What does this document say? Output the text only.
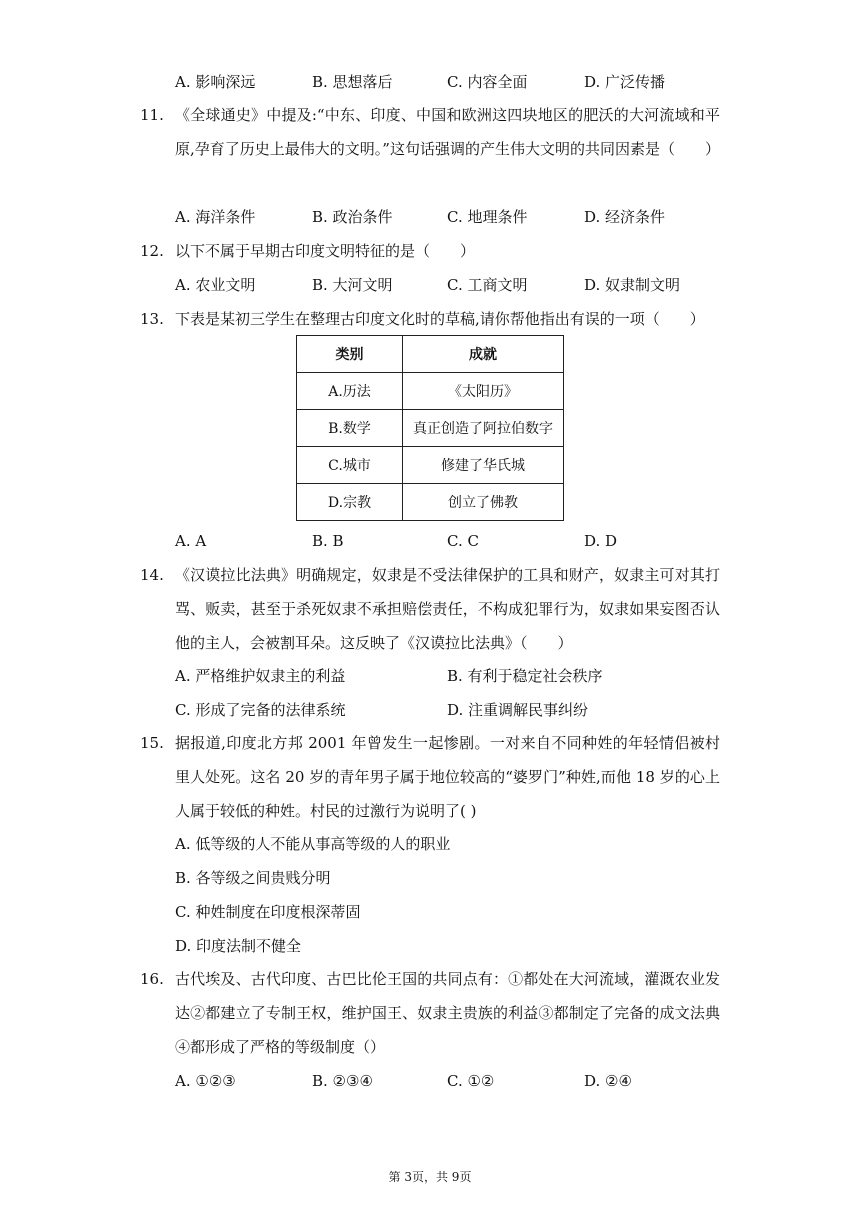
A. 影响深远	B. 思想落后	C. 内容全面	D. 广泛传播
11. 《全球通史》中提及:“中东、印度、中国和欧洲这四块地区的肥沃的大河流域和平原,孕育了历史上最伟大的文明。”这句话强调的产生伟大文明的共同因素是（　　）
A. 海洋条件	B. 政治条件	C. 地理条件	D. 经济条件
12. 以下不属于早期古印度文明特征的是（　　）
A. 农业文明	B. 大河文明	C. 工商文明	D. 奴隶制文明
13. 下表是某初三学生在整理古印度文化时的草稿,请你帮他指出有误的一项（　　）
类别	成就
A.历法	《太阳历》
B.数学	真正创造了阿拉伯数字
C.城市	修建了华氏城
D.宗教	创立了佛教
A. A	B. B	C. C	D. D
14. 《汉谟拉比法典》明确规定，奴隶是不受法律保护的工具和财产，奴隶主可对其打骂、贩卖，甚至于杀死奴隶不承担赔偿责任，不构成犯罪行为，奴隶如果妄图否认他的主人，会被割耳朵。这反映了《汉谟拉比法典》（　　）
A. 严格维护奴隶主的利益	B. 有利于稳定社会秩序
C. 形成了完备的法律系统	D. 注重调解民事纠纷
15. 据报道,印度北方邦 2001 年曾发生一起惨剧。一对来自不同种姓的年轻情侣被村里人处死。这名 20 岁的青年男子属于地位较高的“婆罗门”种姓,而他 18 岁的心上人属于较低的种姓。村民的过激行为说明了( )
A. 低等级的人不能从事高等级的人的职业
B. 各等级之间贵贱分明
C. 种姓制度在印度根深蒂固
D. 印度法制不健全
16. 古代埃及、古代印度、古巴比伦王国的共同点有：①都处在大河流域，灌溉农业发达②都建立了专制王权，维护国王、奴隶主贵族的利益③都制定了完备的成文法典④都形成了严格的等级制度（）
A. ①②③	B. ②③④	C. ①②	D. ②④
第 3页，共 9页
